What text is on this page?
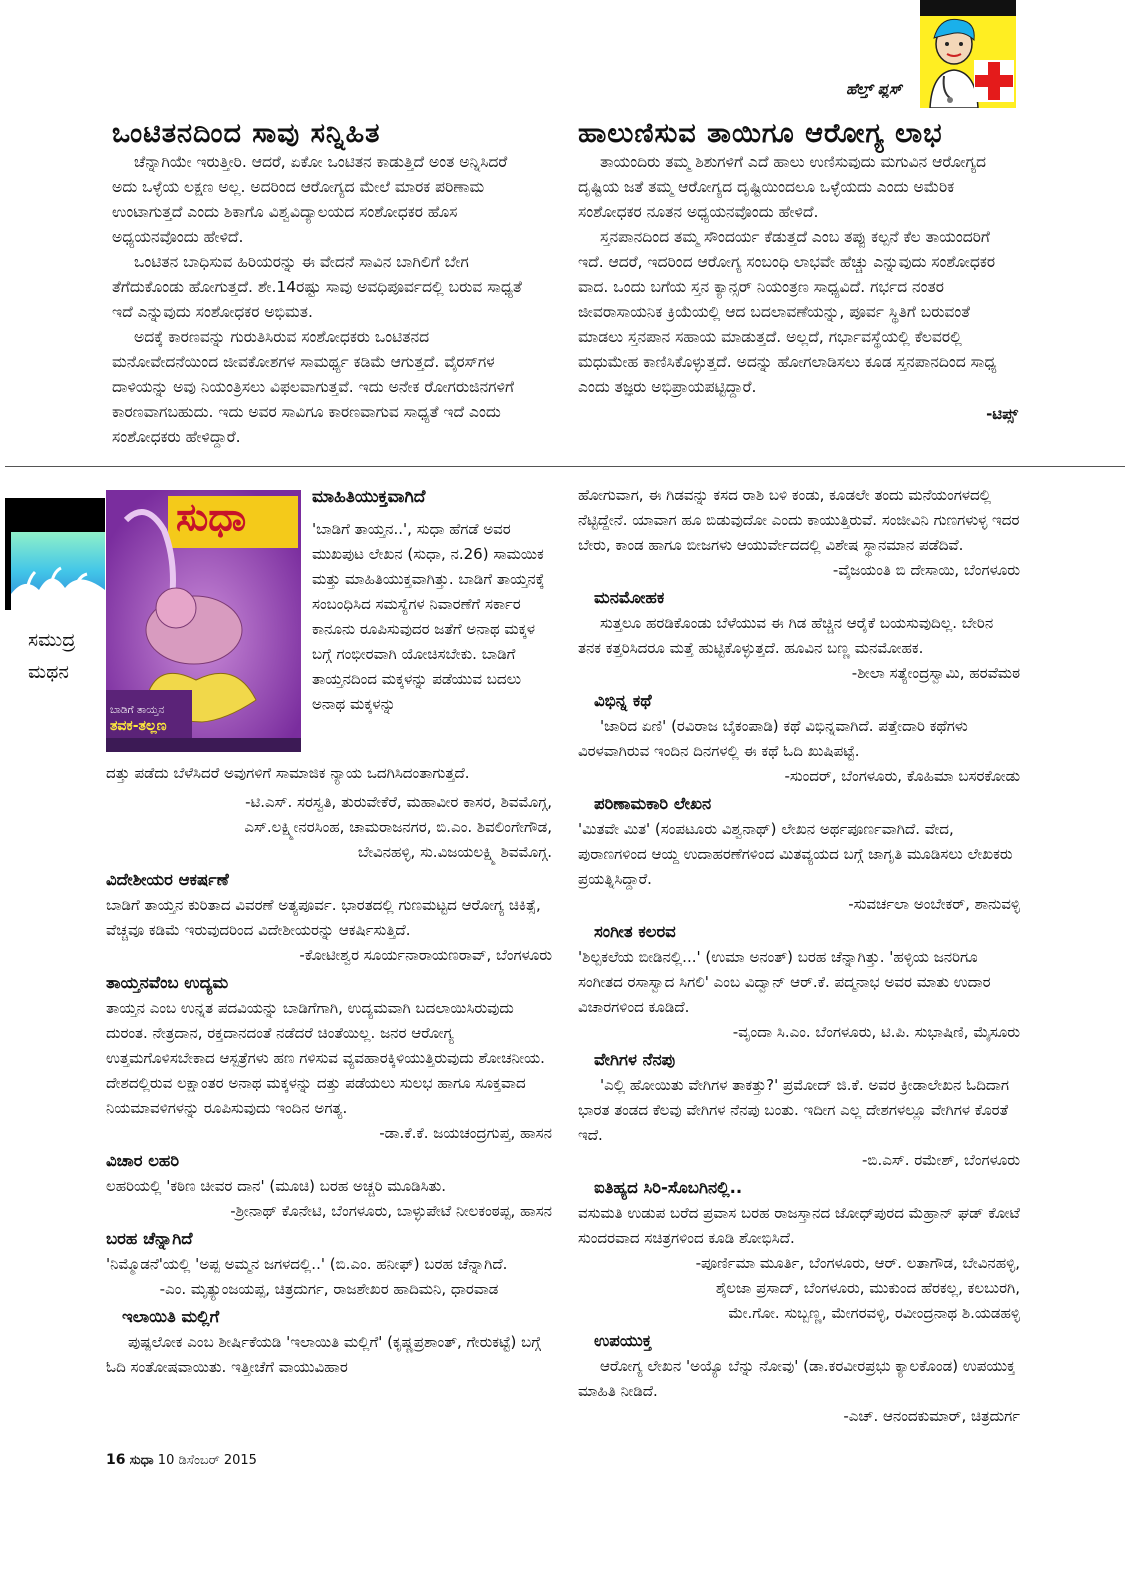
ಹೆಲ್ತ್ ಪ್ಲಸ್
ಒಂಟಿತನದಿಂದ ಸಾವು ಸನ್ನಿಹಿತ

ಚೆನ್ನಾಗಿಯೇ ಇರುತ್ತೀರಿ. ಆದರೆ, ಏಕೋ ಒಂಟಿತನ ಕಾಡುತ್ತಿದೆ ಅಂತ ಅನ್ನಿಸಿದರೆ ಅದು ಒಳ್ಳೆಯ ಲಕ್ಷಣ ಅಲ್ಲ. ಅದರಿಂದ ಆರೋಗ್ಯದ ಮೇಲೆ ಮಾರಕ ಪರಿಣಾಮ ಉಂಟಾಗುತ್ತದೆ ಎಂದು ಶಿಕಾಗೊ ವಿಶ್ವವಿದ್ಯಾಲಯದ ಸಂಶೋಧಕರ ಹೊಸ ಅಧ್ಯಯನವೊಂದು ಹೇಳಿದೆ.

ಒಂಟಿತನ ಬಾಧಿಸುವ ಹಿರಿಯರನ್ನು ಈ ವೇದನೆ ಸಾವಿನ ಬಾಗಿಲಿಗೆ ಬೇಗ ತೆಗೆದುಕೊಂಡು ಹೋಗುತ್ತದೆ. ಶೇ.14ರಷ್ಟು ಸಾವು ಅವಧಿಪೂರ್ವದಲ್ಲಿ ಬರುವ ಸಾಧ್ಯತೆ ಇದೆ ಎನ್ನುವುದು ಸಂಶೋಧಕರ ಅಭಿಮತ.

ಅದಕ್ಕೆ ಕಾರಣವನ್ನು ಗುರುತಿಸಿರುವ ಸಂಶೋಧಕರು ಒಂಟಿತನದ ಮನೋವೇದನೆಯಿಂದ ಜೀವಕೋಶಗಳ ಸಾಮರ್ಥ್ಯ ಕಡಿಮೆ ಆಗುತ್ತದೆ. ವೈರಸ್‌ಗಳ ದಾಳಿಯನ್ನು ಅವು ನಿಯಂತ್ರಿಸಲು ವಿಫಲವಾಗುತ್ತವೆ. ಇದು ಅನೇಕ ರೋಗರುಜಿನಗಳಿಗೆ ಕಾರಣವಾಗಬಹುದು. ಇದು ಅವರ ಸಾವಿಗೂ ಕಾರಣವಾಗುವ ಸಾಧ್ಯತೆ ಇದೆ ಎಂದು ಸಂಶೋಧಕರು ಹೇಳಿದ್ದಾರೆ.

ಹಾಲುಣಿಸುವ ತಾಯಿಗೂ ಆರೋಗ್ಯ ಲಾಭ

ತಾಯಂದಿರು ತಮ್ಮ ಶಿಶುಗಳಿಗೆ ಎದೆ ಹಾಲು ಉಣಿಸುವುದು ಮಗುವಿನ ಆರೋಗ್ಯದ ದೃಷ್ಟಿಯ ಜತೆ ತಮ್ಮ ಆರೋಗ್ಯದ ದೃಷ್ಟಿಯಿಂದಲೂ ಒಳ್ಳೆಯದು ಎಂದು ಅಮೆರಿಕ ಸಂಶೋಧಕರ ನೂತನ ಅಧ್ಯಯನವೊಂದು ಹೇಳಿದೆ.

ಸ್ತನಪಾನದಿಂದ ತಮ್ಮ ಸೌಂದರ್ಯ ಕೆಡುತ್ತದೆ ಎಂಬ ತಪ್ಪು ಕಲ್ಪನೆ ಕೆಲ ತಾಯಂದರಿಗೆ ಇದೆ. ಆದರೆ, ಇದರಿಂದ ಆರೋಗ್ಯ ಸಂಬಂಧಿ ಲಾಭವೇ ಹೆಚ್ಚು ಎನ್ನುವುದು ಸಂಶೋಧಕರ ವಾದ. ಒಂದು ಬಗೆಯ ಸ್ತನ ಕ್ಯಾನ್ಸರ್ ನಿಯಂತ್ರಣ ಸಾಧ್ಯವಿದೆ. ಗರ್ಭದ ನಂತರ ಜೀವರಾಸಾಯನಿಕ ಕ್ರಿಯೆಯಲ್ಲಿ ಆದ ಬದಲಾವಣೆಯನ್ನು, ಪೂರ್ವ ಸ್ಥಿತಿಗೆ ಬರುವಂತೆ ಮಾಡಲು ಸ್ತನಪಾನ ಸಹಾಯ ಮಾಡುತ್ತದೆ. ಅಲ್ಲದೆ, ಗರ್ಭಾವಸ್ಥೆಯಲ್ಲಿ ಕೆಲವರಲ್ಲಿ ಮಧುಮೇಹ ಕಾಣಿಸಿಕೊಳ್ಳುತ್ತದೆ. ಅದನ್ನು ಹೋಗಲಾಡಿಸಲು ಕೂಡ ಸ್ತನಪಾನದಿಂದ ಸಾಧ್ಯ ಎಂದು ತಜ್ಞರು ಅಭಿಪ್ರಾಯಪಟ್ಟಿದ್ದಾರೆ.

-ಟಿಪ್ಸ್
ಸಮುದ್ರ
ಮಥನ
ಸುಧಾ
ಬಾಡಿಗೆ ತಾಯ್ತನ
ತವಕ-ತಲ್ಲಣ
ಮಾಹಿತಿಯುಕ್ತವಾಗಿದೆ
'ಬಾಡಿಗೆ ತಾಯ್ತನ..', ಸುಧಾ ಹೆಗಡೆ ಅವರ ಮುಖಪುಟ ಲೇಖನ (ಸುಧಾ, ನ.26) ಸಾಮಯಿಕ ಮತ್ತು ಮಾಹಿತಿಯುಕ್ತವಾಗಿತ್ತು. ಬಾಡಿಗೆ ತಾಯ್ತನಕ್ಕೆ ಸಂಬಂಧಿಸಿದ ಸಮಸ್ಯೆಗಳ ನಿವಾರಣೆಗೆ ಸರ್ಕಾರ ಕಾನೂನು ರೂಪಿಸುವುದರ ಜತೆಗೆ ಅನಾಥ ಮಕ್ಕಳ ಬಗ್ಗೆ ಗಂಭೀರವಾಗಿ ಯೋಚಿಸಬೇಕು. ಬಾಡಿಗೆ ತಾಯ್ತನದಿಂದ ಮಕ್ಕಳನ್ನು ಪಡೆಯುವ ಬದಲು ಅನಾಥ ಮಕ್ಕಳನ್ನು

ದತ್ತು ಪಡೆದು ಬೆಳೆಸಿದರೆ ಅವುಗಳಿಗೆ ಸಾಮಾಜಿಕ ನ್ಯಾಯ ಒದಗಿಸಿದಂತಾಗುತ್ತದೆ.

-ಟಿ.ಎಸ್. ಸರಸ್ವತಿ, ತುರುವೇಕೆರೆ, ಮಹಾವೀರ ಕಾಸರ, ಶಿವಮೊಗ್ಗ,
ಎಸ್.ಲಕ್ಷ್ಮೀನರಸಿಂಹ, ಚಾಮರಾಜನಗರ, ಬಿ.ಎಂ. ಶಿವಲಿಂಗೇಗೌಡ,
ಬೇವಿನಹಳ್ಳಿ, ಸು.ವಿಜಯಲಕ್ಷ್ಮಿ ಶಿವಮೊಗ್ಗ.
ವಿದೇಶೀಯರ ಆಕರ್ಷಣೆ

ಬಾಡಿಗೆ ತಾಯ್ತನ ಕುರಿತಾದ ವಿವರಣೆ ಅತ್ಯಪೂರ್ವ. ಭಾರತದಲ್ಲಿ ಗುಣಮಟ್ಟದ ಆರೋಗ್ಯ ಚಿಕಿತ್ಸೆ, ವೆಚ್ಚವೂ ಕಡಿಮೆ ಇರುವುದರಿಂದ ವಿದೇಶೀಯರನ್ನು ಆಕರ್ಷಿಸುತ್ತಿದೆ.

-ಕೋಟೀಶ್ವರ ಸೂರ್ಯನಾರಾಯಣರಾವ್, ಬೆಂಗಳೂರು
ತಾಯ್ತನವೆಂಬ ಉದ್ಯಮ

ತಾಯ್ತನ ಎಂಬ ಉನ್ನತ ಪದವಿಯನ್ನು ಬಾಡಿಗೆಗಾಗಿ, ಉದ್ಯಮವಾಗಿ ಬದಲಾಯಿಸಿರುವುದು ದುರಂತ. ನೇತ್ರದಾನ, ರಕ್ತದಾನದಂತೆ ನಡೆದರೆ ಚಿಂತೆಯಿಲ್ಲ. ಜನರ ಆರೋಗ್ಯ ಉತ್ತಮಗೊಳಿಸಬೇಕಾದ ಆಸ್ಪತ್ರೆಗಳು ಹಣ ಗಳಿಸುವ ವ್ಯವಹಾರಕ್ಕಿಳಿಯುತ್ತಿರುವುದು ಶೋಚನೀಯ. ದೇಶದಲ್ಲಿರುವ ಲಕ್ಷಾಂತರ ಅನಾಥ ಮಕ್ಕಳನ್ನು ದತ್ತು ಪಡೆಯಲು ಸುಲಭ ಹಾಗೂ ಸೂಕ್ತವಾದ ನಿಯಮಾವಳಿಗಳನ್ನು ರೂಪಿಸುವುದು ಇಂದಿನ ಅಗತ್ಯ.

-ಡಾ.ಕೆ.ಕೆ. ಜಯಚಂದ್ರಗುಪ್ತ, ಹಾಸನ
ವಿಚಾರ ಲಹರಿ

ಲಹರಿಯಲ್ಲಿ 'ಕಠಿಣ ಚೀವರ ದಾನ' (ಮೂಚಿ) ಬರಹ ಅಚ್ಚರಿ ಮೂಡಿಸಿತು.

-ಶ್ರೀನಾಥ್ ಕೊನೇಟಿ, ಬೆಂಗಳೂರು, ಬಾಳ್ಳುಪೇಟೆ ನೀಲಕಂಠಪ್ಪ, ಹಾಸನ
ಬರಹ ಚೆನ್ನಾಗಿದೆ

'ನಿಮ್ಮೊಡನೆ'ಯಲ್ಲಿ 'ಅಪ್ಪ ಅಮ್ಮನ ಜಗಳದಲ್ಲಿ..' (ಬಿ.ಎಂ. ಹನೀಫ್) ಬರಹ ಚೆನ್ನಾಗಿದೆ.

-ಎಂ. ಮೃತ್ಯುಂಜಯಪ್ಪ, ಚಿತ್ರದುರ್ಗ, ರಾಜಶೇಖರ ಹಾದಿಮನಿ, ಧಾರವಾಡ
ಇಲಾಯಿತಿ ಮಲ್ಲಿಗೆ

ಪುಷ್ಪಲೋಕ ಎಂಬ ಶೀರ್ಷಿಕೆಯಡಿ 'ಇಲಾಯಿತಿ ಮಲ್ಲಿಗೆ' (ಕೃಷ್ಣಪ್ರಶಾಂತ್, ಗೇರುಕಟ್ಟೆ) ಬಗ್ಗೆ ಓದಿ ಸಂತೋಷವಾಯಿತು. ಇತ್ತೀಚೆಗೆ ವಾಯುವಿಹಾರ

ಹೋಗುವಾಗ, ಈ ಗಿಡವನ್ನು ಕಸದ ರಾಶಿ ಬಳಿ ಕಂಡು, ಕೂಡಲೇ ತಂದು ಮನೆಯಂಗಳದಲ್ಲಿ ನೆಟ್ಟಿದ್ದೇನೆ. ಯಾವಾಗ ಹೂ ಬಿಡುವುದೋ ಎಂದು ಕಾಯುತ್ತಿರುವೆ. ಸಂಜೀವಿನಿ ಗುಣಗಳುಳ್ಳ ಇದರ ಬೇರು, ಕಾಂಡ ಹಾಗೂ ಬೀಜಗಳು ಆಯುರ್ವೇದದಲ್ಲಿ ವಿಶೇಷ ಸ್ಥಾನಮಾನ ಪಡೆದಿವೆ.

-ವೈಜಯಂತಿ ಬಿ ದೇಸಾಯಿ, ಬೆಂಗಳೂರು
ಮನಮೋಹಕ

ಸುತ್ತಲೂ ಹರಡಿಕೊಂಡು ಬೆಳೆಯುವ ಈ ಗಿಡ ಹೆಚ್ಚಿನ ಆರೈಕೆ ಬಯಸುವುದಿಲ್ಲ. ಬೇರಿನ ತನಕ ಕತ್ತರಿಸಿದರೂ ಮತ್ತೆ ಹುಟ್ಟಿಕೊಳ್ಳುತ್ತದೆ. ಹೂವಿನ ಬಣ್ಣ ಮನಮೋಹಕ.

-ಶೀಲಾ ಸತ್ಯೇಂದ್ರಸ್ವಾಮಿ, ಹರವೆಮಠ
ವಿಭಿನ್ನ ಕಥೆ

'ಜಾರಿದ ಏಣಿ' (ರವಿರಾಜ ಬೈಕಂಪಾಡಿ) ಕಥೆ ವಿಭಿನ್ನವಾಗಿದೆ. ಪತ್ತೇದಾರಿ ಕಥೆಗಳು ವಿರಳವಾಗಿರುವ ಇಂದಿನ ದಿನಗಳಲ್ಲಿ ಈ ಕಥೆ ಓದಿ ಖುಷಿಪಟ್ಟೆ.

-ಸುಂದರ್, ಬೆಂಗಳೂರು, ಕೊಹಿಮಾ ಬಸರಕೋಡು
ಪರಿಣಾಮಕಾರಿ ಲೇಖನ

'ಮಿತವೇ ಮಿತ' (ಸಂಪಟೂರು ವಿಶ್ವನಾಥ್) ಲೇಖನ ಅರ್ಥಪೂರ್ಣವಾಗಿದೆ. ವೇದ, ಪುರಾಣಗಳಿಂದ ಆಯ್ದ ಉದಾಹರಣೆಗಳಿಂದ ಮಿತವ್ಯಯದ ಬಗ್ಗೆ ಜಾಗೃತಿ ಮೂಡಿಸಲು ಲೇಖಕರು ಪ್ರಯತ್ನಿಸಿದ್ದಾರೆ.

-ಸುವರ್ಚಲಾ ಅಂಬೇಕರ್, ಶಾನುವಳ್ಳಿ
ಸಂಗೀತ ಕಲರವ

'ಶಿಲ್ಪಕಲೆಯ ಬೀಡಿನಲ್ಲಿ...' (ಉಮಾ ಅನಂತ್) ಬರಹ ಚೆನ್ನಾಗಿತ್ತು. 'ಹಳ್ಳಿಯ ಜನರಿಗೂ ಸಂಗೀತದ ರಸಾಸ್ವಾದ ಸಿಗಲಿ' ಎಂಬ ವಿದ್ವಾನ್ ಆರ್.ಕೆ. ಪದ್ಮನಾಭ ಅವರ ಮಾತು ಉದಾರ ವಿಚಾರಗಳಿಂದ ಕೂಡಿದೆ.

-ವೃಂದಾ ಸಿ.ಎಂ. ಬೆಂಗಳೂರು, ಟಿ.ಪಿ. ಸುಭಾಷಿಣಿ, ಮೈಸೂರು
ವೇಗಿಗಳ ನೆನಪು

'ಎಲ್ಲಿ ಹೋಯಿತು ವೇಗಿಗಳ ತಾಕತ್ತು?' ಪ್ರಮೋದ್ ಜಿ.ಕೆ. ಅವರ ಕ್ರೀಡಾಲೇಖನ ಓದಿದಾಗ ಭಾರತ ತಂಡದ ಕೆಲವು ವೇಗಿಗಳ ನೆನಪು ಬಂತು. ಇದೀಗ ಎಲ್ಲ ದೇಶಗಳಲ್ಲೂ ವೇಗಿಗಳ ಕೊರತೆ ಇದೆ.

-ಬಿ.ಎಸ್. ರಮೇಶ್, ಬೆಂಗಳೂರು
ಐತಿಹ್ಯದ ಸಿರಿ-ಸೊಬಗಿನಲ್ಲಿ..

ವಸುಮತಿ ಉಡುಪ ಬರೆದ ಪ್ರವಾಸ ಬರಹ ರಾಜಸ್ತಾನದ ಜೋಧ್‌ಪುರದ ಮೆಹ್ರಾನ್ ಘಡ್ ಕೋಟೆ ಸುಂದರವಾದ ಸಚಿತ್ರಗಳಿಂದ ಕೂಡಿ ಶೋಭಿಸಿದೆ.

-ಪೂರ್ಣಿಮಾ ಮೂರ್ತಿ, ಬೆಂಗಳೂರು, ಆರ್. ಲತಾಗೌಡ, ಬೇವಿನಹಳ್ಳಿ,
ಶೈಲಜಾ ಪ್ರಸಾದ್, ಬೆಂಗಳೂರು, ಮುಕುಂದ ಹೆರಕಲ್ಲ, ಕಲಬುರಗಿ,
ಮೇ.ಗೋ. ಸುಬ್ಬಣ್ಣ, ಮೇಗರವಳ್ಳಿ, ರವೀಂದ್ರನಾಥ ಶಿ.ಯಡಹಳ್ಳಿ
ಉಪಯುಕ್ತ

ಆರೋಗ್ಯ ಲೇಖನ 'ಅಯ್ಯೊ ಬೆನ್ನು ನೋವು' (ಡಾ.ಕರವೀರಪ್ರಭು ಕ್ಯಾಲಕೊಂಡ) ಉಪಯುಕ್ತ ಮಾಹಿತಿ ನೀಡಿದೆ.

-ಎಚ್. ಆನಂದಕುಮಾರ್, ಚಿತ್ರದುರ್ಗ
16 ಸುಧಾ 10 ಡಿಸೆಂಬರ್ 2015
